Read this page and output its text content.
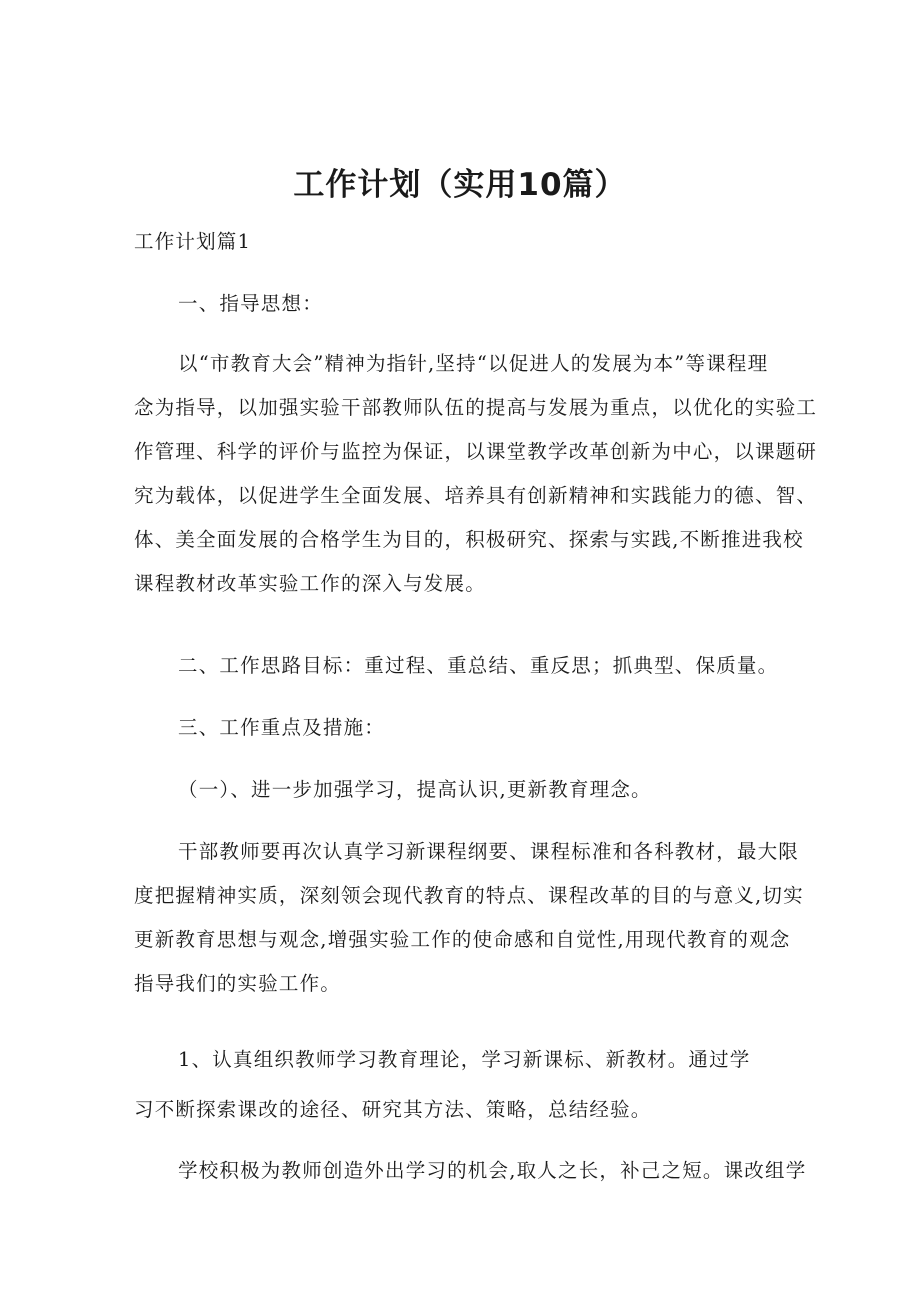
工作计划（实用10篇）
工作计划篇1
一、指导思想：
以“市教育大会”精神为指针,坚持“以促进人的发展为本”等课程理
念为指导，以加强实验干部教师队伍的提高与发展为重点，以优化的实验工
作管理、科学的评价与监控为保证，以课堂教学改革创新为中心，以课题研
究为载体，以促进学生全面发展、培养具有创新精神和实践能力的德、智、
体、美全面发展的合格学生为目的，积极研究、探索与实践,不断推进我校
课程教材改革实验工作的深入与发展。
二、工作思路目标：重过程、重总结、重反思；抓典型、保质量。
三、工作重点及措施：
（一）、进一步加强学习，提高认识,更新教育理念。
干部教师要再次认真学习新课程纲要、课程标准和各科教材，最大限
度把握精神实质，深刻领会现代教育的特点、课程改革的目的与意义,切实
更新教育思想与观念,增强实验工作的使命感和自觉性,用现代教育的观念
指导我们的实验工作。
1、认真组织教师学习教育理论，学习新课标、新教材。通过学
习不断探索课改的途径、研究其方法、策略，总结经验。
学校积极为教师创造外出学习的机会,取人之长，补己之短。课改组学
